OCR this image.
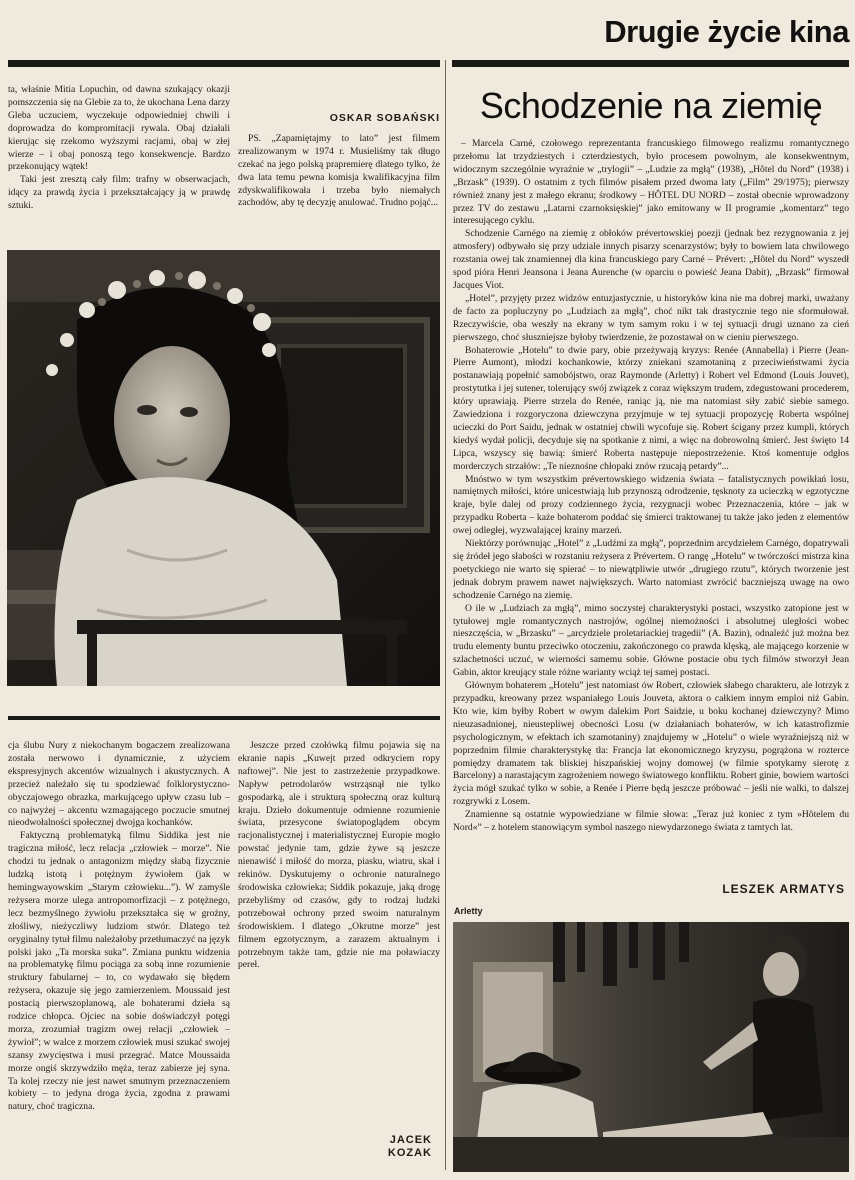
Drugie życie kina

ta, właśnie Mitia Lopuchin, od dawna szukający okazji pomszczenia się na Glebie za to, że ukochana Lena darzy Gleba uczuciem, wyczekuje odpowiedniej chwili i doprowadza do kompromitacji rywala. Obaj działali kierując się rzekomo wyższymi racjami, obaj w złej wierze – i obaj ponoszą tego konsekwencje. Bardzo przekonujący wątek!

Taki jest zresztą cały film: trafny w obserwacjach, idący za prawdą życia i przekształcający ją w prawdę sztuki.

OSKAR SOBAŃSKI

PS. „Zapamiętajmy to lato” jest filmem zrealizowanym w 1974 r. Musieliśmy tak długo czekać na jego polską prapremierę dlatego tylko, że dwa lata temu pewna komisja kwalifikacyjna film zdyskwalifikowała i trzeba było niemałych zachodów, aby tę decyzję anulować. Trudno pojąć...

cja ślubu Nury z niekochanym bogaczem zrealizowana została nerwowo i dynamicznie, z użyciem ekspresyjnych akcentów wizualnych i akustycznych. A przecież należało się tu spodziewać folklorystyczno-obyczajowego obrazka, markującego upływ czasu lub – co najwyżej – akcentu wzmagającego poczucie smutnej nieodwołalności społecznej dwojga kochanków.

Faktyczną problematyką filmu Siddika jest nie tragiczna miłość, lecz relacja „człowiek – morze”. Nie chodzi tu jednak o antagonizm między słabą fizycznie ludzką istotą i potężnym żywiołem (jak w hemingwayowskim „Starym człowieku...”). W zamyśle reżysera morze ulega antropomorfizacji – z potężnego, lecz bezmyślnego żywiołu przekształca się w groźny, złośliwy, nieżyczliwy ludziom stwór. Dlatego też oryginalny tytuł filmu należałoby przetłumaczyć na język polski jako „Ta morska suka”. Zmiana punktu widzenia na problematykę filmu pociąga za sobą inne rozumienie struktury fabularnej – to, co wydawało się błędem reżysera, okazuje się jego zamierzeniem. Moussaid jest postacią pierwszoplanową, ale bohaterami dzieła są rodzice chłopca. Ojciec na sobie doświadczył potęgi morza, zrozumiał tragizm owej relacji „człowiek – żywioł”; w walce z morzem człowiek musi szukać swojej szansy zwycięstwa i musi przegrać. Matce Moussaida morze ongiś skrzywdziło męża, teraz zabierze jej syna. Ta kolej rzeczy nie jest nawet smutnym przeznaczeniem kobiety – to jedyna droga życia, zgodna z prawami natury, choć tragiczna.

Jeszcze przed czołówką filmu pojawia się na ekranie napis „Kuwejt przed odkryciem ropy naftowej”. Nie jest to zastrzeżenie przypadkowe. Napływ petrodolarów wstrząsnął nie tylko gospodarką, ale i strukturą społeczną oraz kulturą kraju. Dzieło dokumentuje odmienne rozumienie świata, przesycone światopoglądem obcym racjonalistycznej i materialistycznej Europie mogło powstać jedynie tam, gdzie żywe są jeszcze nienawiść i miłość do morza, piasku, wiatru, skał i rekinów. Dyskutujemy o ochronie naturalnego środowiska człowieka; Siddik pokazuje, jaką drogę przebyliśmy od czasów, gdy to rodzaj ludzki potrzebował ochrony przed swoim naturalnym środowiskiem. I dlatego „Okrutne morze” jest filmem egzotycznym, a zarazem aktualnym i potrzebnym także tam, gdzie nie ma poławiaczy pereł.

JACEK
KOZAK
Schodzenie na ziemię

– Marcela Carné, czołowego reprezentanta francuskiego filmowego realizmu romantycznego przełomu lat trzydziestych i czterdziestych, było procesem powolnym, ale konsekwentnym, widocznym szczególnie wyraźnie w „trylogii” – „Ludzie za mgłą” (1938), „Hôtel du Nord” (1938) i „Brzask” (1939). O ostatnim z tych filmów pisałem przed dwoma laty („Film” 29/1975); pierwszy również znany jest z małego ekranu; środkowy – HÔTEL DU NORD – został obecnie wprowadzony przez TV do zestawu „Latarni czarnoksięskiej” jako emitowany w II programie „komentarz” tego interesującego cyklu.

Schodzenie Carnégo na ziemię z obłoków prévertowskiej poezji (jednak bez rezygnowania z jej atmosfery) odbywało się przy udziale innych pisarzy scenarzystów; były to bowiem lata chwilowego rozstania owej tak znamiennej dla kina francuskiego pary Carné – Prévert: „Hôtel du Nord” wyszedł spod pióra Henri Jeansona i Jeana Aurenche (w oparciu o powieść Jeana Dabit), „Brzask” firmował Jacques Viot.

„Hotel”, przyjęty przez widzów entuzjastycznie, u historyków kina nie ma dobrej marki, uważany de facto za popluczyny po „Ludziach za mgłą”, choć nikt tak drastycznie tego nie sformułował. Rzeczywiście, oba weszły na ekrany w tym samym roku i w tej sytuacji drugi uznano za cień pierwszego, choć słuszniejsze byłoby twierdzenie, że pozostawał on w cieniu pierwszego.

Bohaterowie „Hotelu” to dwie pary, obie przeżywają kryzys: Renée (Annabella) i Pierre (Jean-Pierre Aumont), młodzi kochankowie, którzy zniekani szamotaniną z przeciwieństwami życia postanawiają popełnić samobójstwo, oraz Raymonde (Arletty) i Robert vel Edmond (Louis Jouvet), prostytutka i jej sutener, tolerujący swój związek z coraz większym trudem, zdegustowani procederem, który uprawiają. Pierre strzela do Renée, raniąc ją, nie ma natomiast siły zabić siebie samego. Zawiedziona i rozgoryczona dziewczyna przyjmuje w tej sytuacji propozycję Roberta wspólnej ucieczki do Port Saidu, jednak w ostatniej chwili wycofuje się. Robert ścigany przez kumpli, których kiedyś wydał policji, decyduje się na spotkanie z nimi, a więc na dobrowolną śmierć. Jest święto 14 Lipca, wszyscy się bawią: śmierć Roberta następuje niepostrzeżenie. Ktoś komentuje odgłos morderczych strzałów: „Te nieznośne chłopaki znów rzucają petardy”...

Mnóstwo w tym wszystkim prévertowskiego widzenia świata – fatalistycznych powikłań losu, namiętnych miłości, które unicestwiają lub przynoszą odrodzenie, tęsknoty za ucieczką w egzotyczne kraje, byle dalej od prozy codziennego życia, rezygnacji wobec Przeznaczenia, które – jak w przypadku Roberta – każe bohaterom poddać się śmierci traktowanej tu także jako jeden z elementów owej odległej, wyzwalającej krainy marzeń.

Niektórzy porównując „Hotel” z „Ludźmi za mgłą”, poprzednim arcydziełem Carnégo, dopatrywali się źródeł jego słabości w rozstaniu reżysera z Prévertem. O rangę „Hotelu” w twórczości mistrza kina poetyckiego nie warto się spierać – to niewątpliwie utwór „drugiego rzutu”, których tworzenie jest jednak dobrym prawem nawet największych. Warto natomiast zwrócić baczniejszą uwagę na owo schodzenie Carnégo na ziemię.

O ile w „Ludziach za mgłą”, mimo soczystej charakterystyki postaci, wszystko zatopione jest w tytułowej mgle romantycznych nastrojów, ogólnej niemożności i absolutnej uległości wobec nieszczęścia, w „Brzasku” – „arcydziele proletariackiej tragedii” (A. Bazin), odnaleźć już można bez trudu elementy buntu przeciwko otoczeniu, zakończonego co prawda klęską, ale mającego korzenie w szlachetności uczuć, w wierności samemu sobie. Główne postacie obu tych filmów stworzył Jean Gabin, aktor kreujący stale różne warianty wciąż tej samej postaci.

Głównym bohaterem „Hotelu” jest natomiast ów Robert, człowiek słabego charakteru, ale lotrzyk z przypadku, kreowany przez wspaniałego Louis Jouveta, aktora o całkiem innym emploi niż Gabin. Kto wie, kim byłby Robert w owym dalekim Port Saidzie, u boku kochanej dziewczyny? Mimo nieuzasadnionej, nieustepliwej obecności Losu (w działaniach bohaterów, w ich katastrofizmie psychologicznym, w efektach ich szamotaniny) znajdujemy w „Hotelu” o wiele wyraźniejszą niż w poprzednim filmie charakterystykę tła: Francja lat ekonomicznego kryzysu, pogrążona w rozterce pomiędzy dramatem tak bliskiej hiszpańskiej wojny domowej (w filmie spotykamy sierotę z Barcelony) a narastającym zagrożeniem nowego światowego konfliktu. Robert ginie, bowiem wartości życia mógł szukać tylko w sobie, a Renée i Pierre będą jeszcze próbować – jeśli nie walki, to dalszej rozgrywki z Losem.

Znamienne są ostatnie wypowiedziane w filmie słowa: „Teraz już koniec z tym »Hôtelem du Nord«” – z hotelem stanowiącym symbol naszego niewydarzonego świata z tamtych lat.

LESZEK ARMATYS
Arletty
